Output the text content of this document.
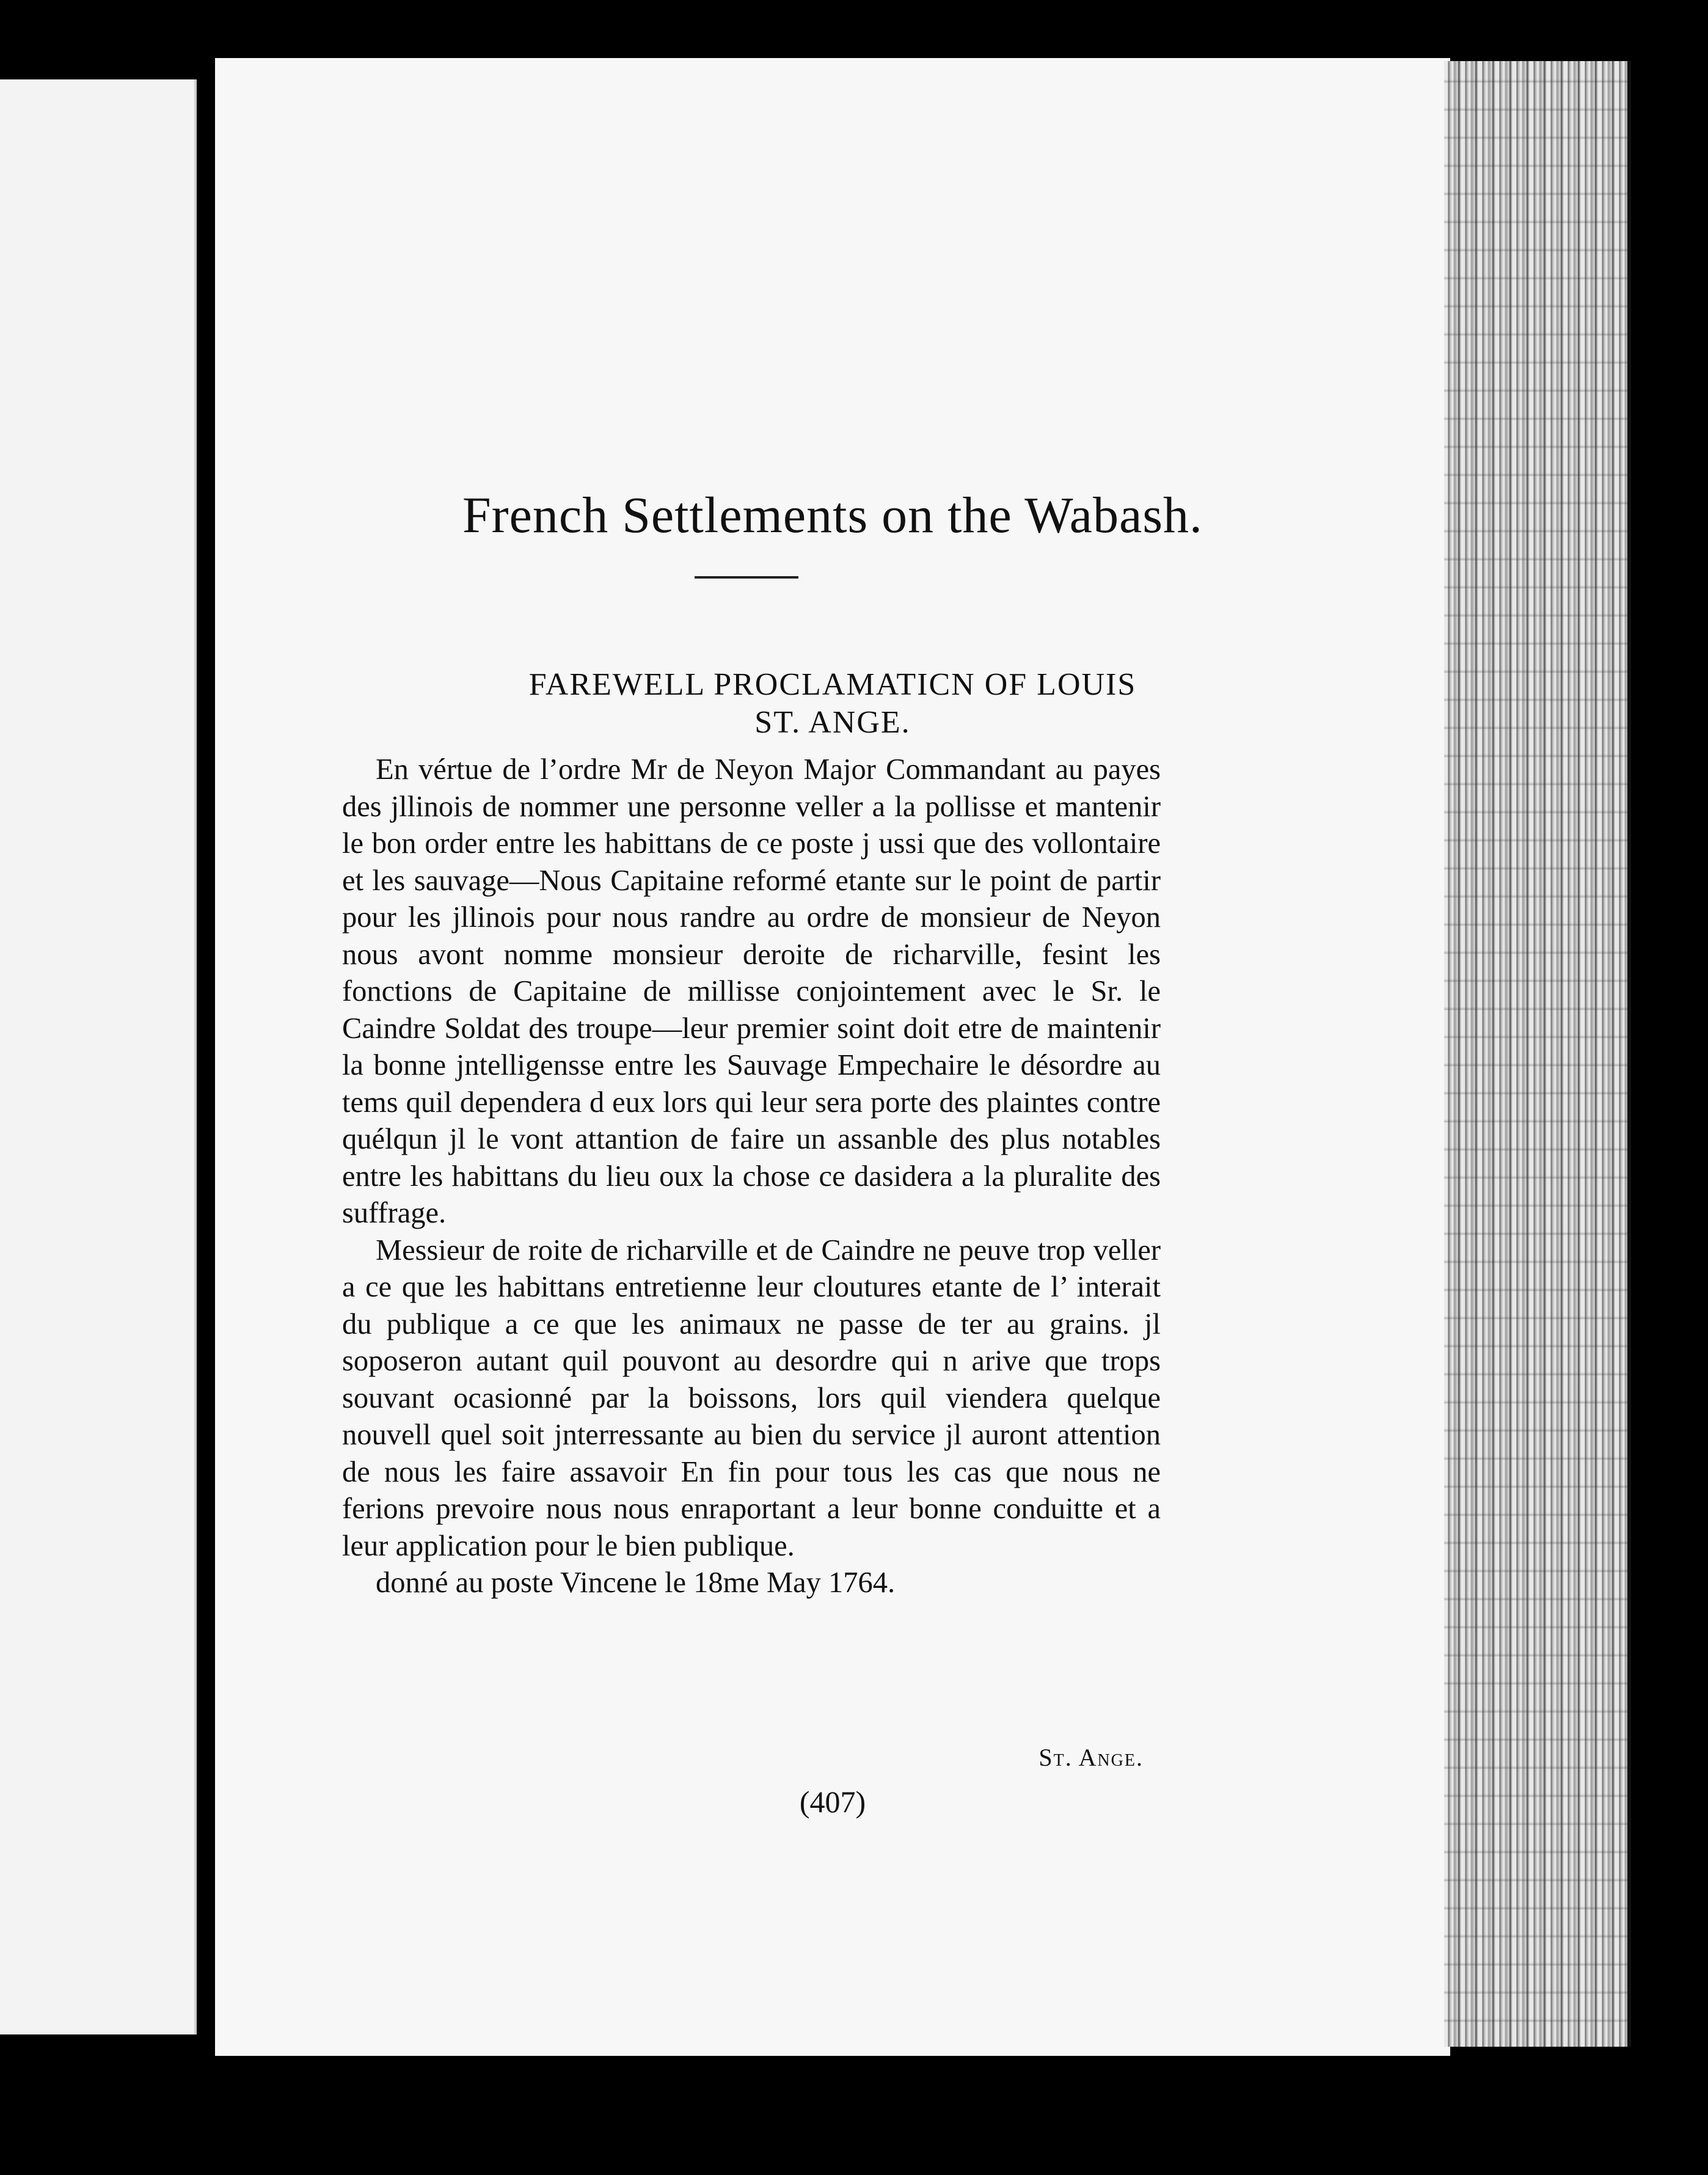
French Settlements on the Wabash.
FAREWELL PROCLAMATICN OF LOUIS
ST. ANGE.

En vértue de l’ordre Mr de Neyon Major Commandant au payes des jllinois de nommer une personne veller a la pollisse et mantenir le bon order entre les habittans de ce poste j ussi que des vollontaire et les sauvage—Nous Capitaine reformé etante sur le point de partir pour les jllinois pour nous randre au ordre de monsieur de Neyon nous avont nomme monsieur deroite de richarville, fesint les fonctions de Capitaine de millisse conjointement avec le Sr. le Caindre Soldat des troupe—leur premier soint doit etre de maintenir la bonne jntelligensse entre les Sauvage Empechaire le désordre au tems quil dependera d eux lors qui leur sera porte des plaintes contre quélqun jl le vont attantion de faire un assanble des plus notables entre les habittans du lieu oux la chose ce dasidera a la pluralite des suffrage.

Messieur de roite de richarville et de Caindre ne peuve trop veller a ce que les habittans entretienne leur cloutures etante de l’ interait du publique a ce que les animaux ne passe de ter au grains. jl soposeron autant quil pouvont au desordre qui n arive que trops souvant ocasionné par la boissons, lors quil viendera quelque nouvell quel soit jnterressante au bien du service jl auront attention de nous les faire assavoir En fin pour tous les cas que nous ne ferions prevoire nous nous enraportant a leur bonne conduitte et a leur application pour le bien publique.

donné au poste Vincene le 18me May 1764.

St. Ange.
(407)
